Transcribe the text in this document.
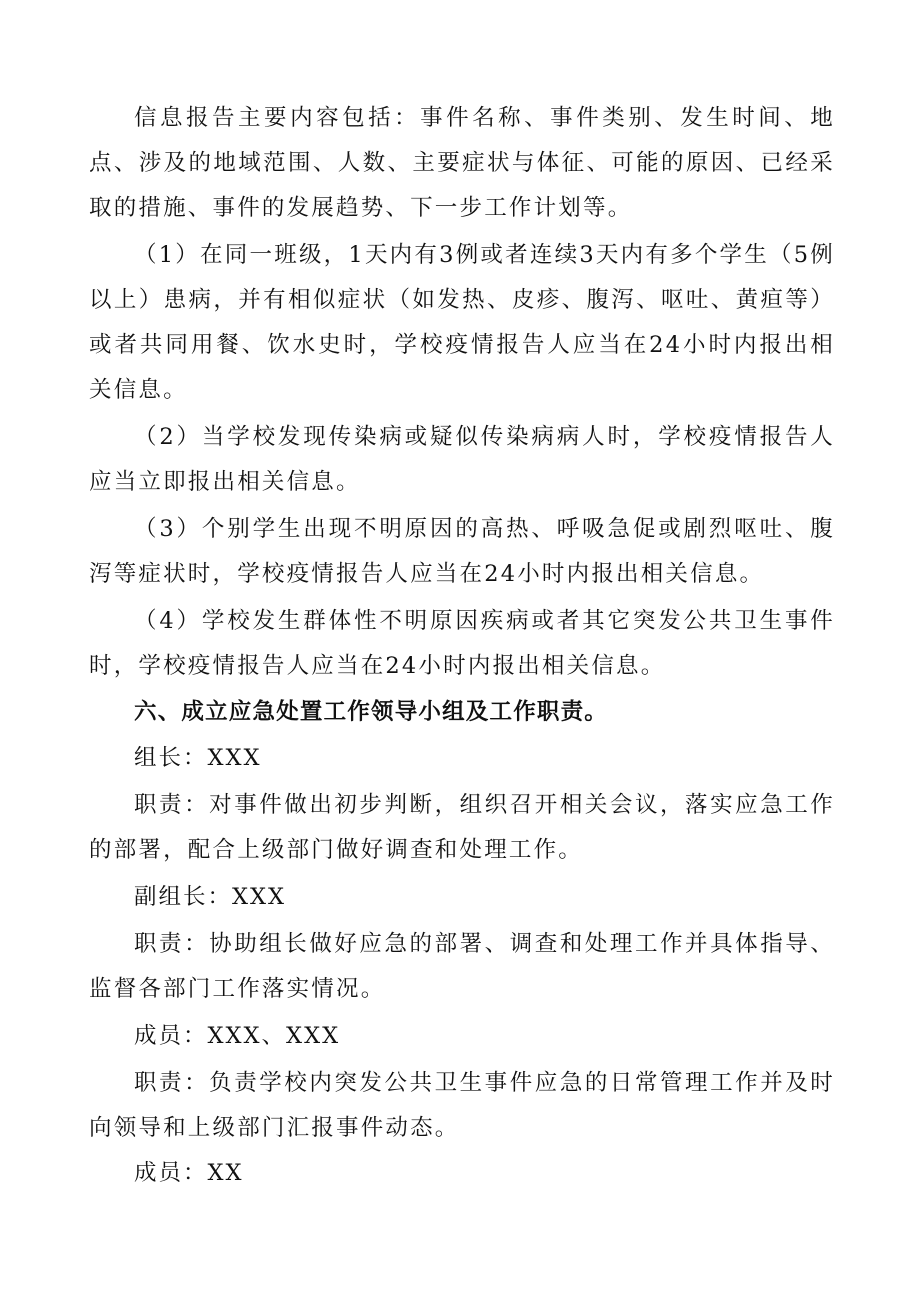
信息报告主要内容包括：事件名称、事件类别、发生时间、地点、涉及的地域范围、人数、主要症状与体征、可能的原因、已经采取的措施、事件的发展趋势、下一步工作计划等。

（1）在同一班级，1天内有3例或者连续3天内有多个学生（5例以上）患病，并有相似症状（如发热、皮疹、腹泻、呕吐、黄疸等）或者共同用餐、饮水史时，学校疫情报告人应当在24小时内报出相关信息。

（2）当学校发现传染病或疑似传染病病人时，学校疫情报告人应当立即报出相关信息。

（3）个别学生出现不明原因的高热、呼吸急促或剧烈呕吐、腹泻等症状时，学校疫情报告人应当在24小时内报出相关信息。

（4）学校发生群体性不明原因疾病或者其它突发公共卫生事件时，学校疫情报告人应当在24小时内报出相关信息。

六、成立应急处置工作领导小组及工作职责。

组长：XXX

职责：对事件做出初步判断，组织召开相关会议，落实应急工作的部署，配合上级部门做好调查和处理工作。

副组长：XXX

职责：协助组长做好应急的部署、调查和处理工作并具体指导、监督各部门工作落实情况。

成员：XXX、XXX

职责：负责学校内突发公共卫生事件应急的日常管理工作并及时向领导和上级部门汇报事件动态。

成员：XX
